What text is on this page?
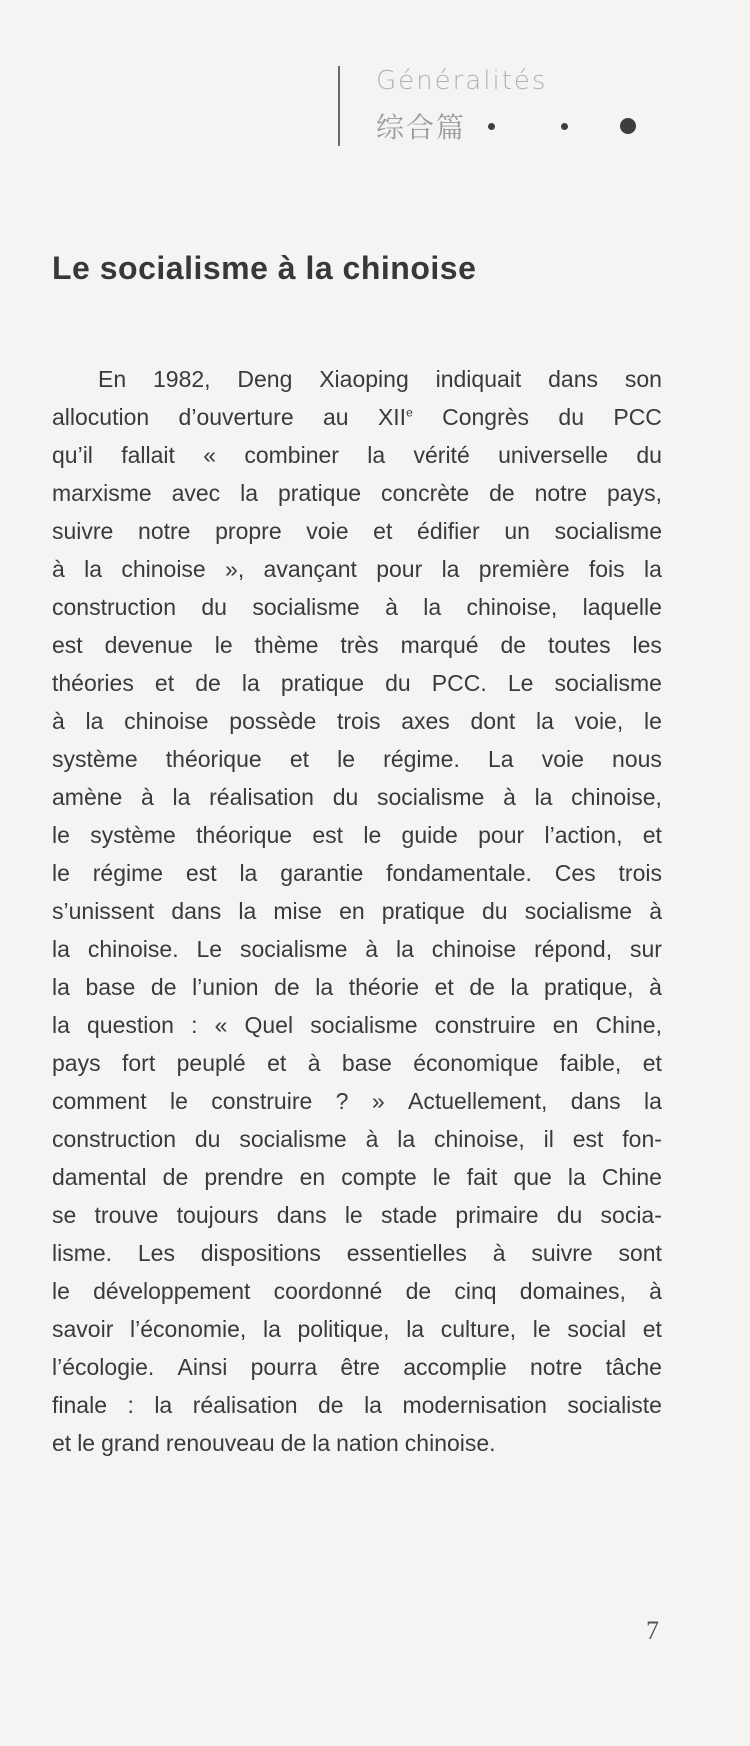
Généralités
综合篇
Le socialisme à la chinoise
En 1982, Deng Xiaoping indiquait dans son
allocution d’ouverture au XIIe Congrès du PCC
qu’il fallait « combiner la vérité universelle du
marxisme avec la pratique concrète de notre pays,
suivre notre propre voie et édifier un socialisme
à la chinoise », avançant pour la première fois la
construction du socialisme à la chinoise, laquelle
est devenue le thème très marqué de toutes les
théories et de la pratique du PCC. Le socialisme
à la chinoise possède trois axes dont la voie, le
système théorique et le régime. La voie nous
amène à la réalisation du socialisme à la chinoise,
le système théorique est le guide pour l’action, et
le régime est la garantie fondamentale. Ces trois
s’unissent dans la mise en pratique du socialisme à
la chinoise. Le socialisme à la chinoise répond, sur
la base de l’union de la théorie et de la pratique, à
la question : « Quel socialisme construire en Chine,
pays fort peuplé et à base économique faible, et
comment le construire ? » Actuellement, dans la
construction du socialisme à la chinoise, il est fon-
damental de prendre en compte le fait que la Chine
se trouve toujours dans le stade primaire du socia-
lisme. Les dispositions essentielles à suivre sont
le développement coordonné de cinq domaines, à
savoir l’économie, la politique, la culture, le social et
l’écologie. Ainsi pourra être accomplie notre tâche
finale : la réalisation de la modernisation socialiste
et le grand renouveau de la nation chinoise.
7
